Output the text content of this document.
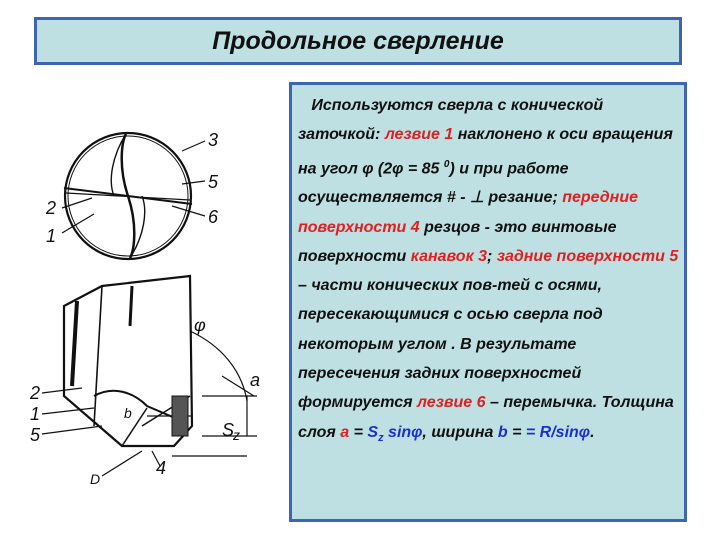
Продольное сверление
3
5
6
2
1
2
1
5
4
S
z
a
φ
b
D

Используются сверла с конической заточкой: лезвие 1 наклонено к оси вращения на угол φ (2φ = 85 $^0$) и при работе осуществляется # - ⊥ резание; передние поверхности 4 резцов - это винтовые поверхности канавок 3; задние поверхности 5 – части конических пов-тей с осями, пересекающимися с осью сверла под некоторым углом . В результате пересечения задних поверхностей формируется лезвие 6 – перемычка. Толщина слоя $а = S_z$ sinφ, ширина b = = R/sinφ.
